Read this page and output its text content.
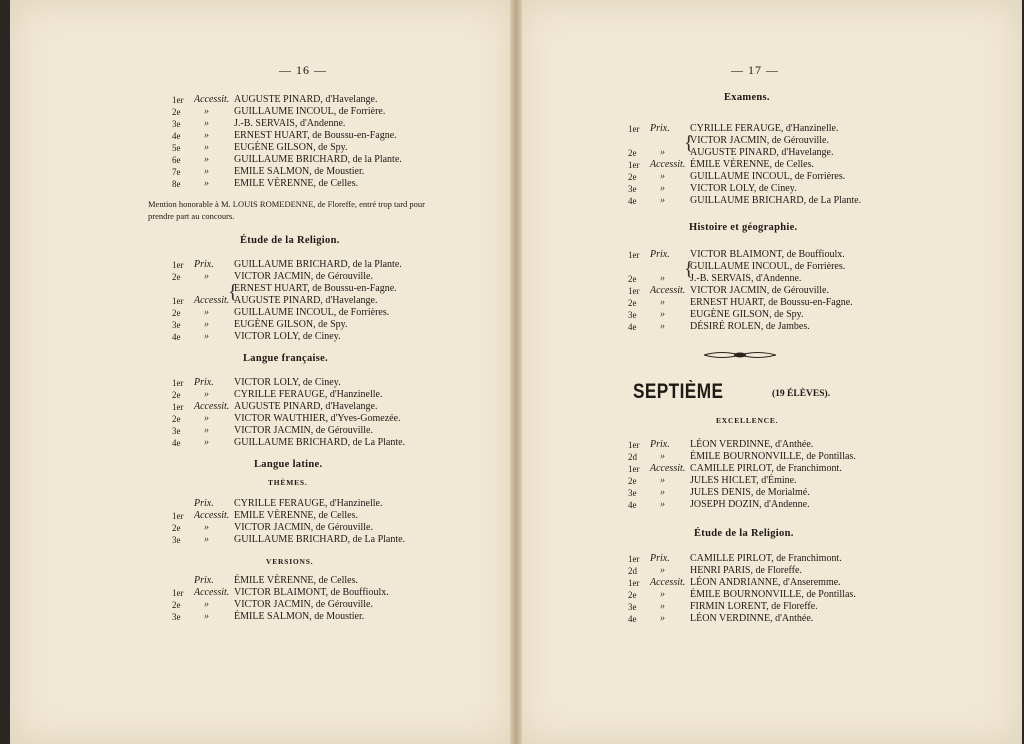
— 16 —
Mention honorable à M. LOUIS ROMEDENNE, de Floreffe, entré trop tard pour
prendre part au concours.
Étude de la Religion.
{
Langue française.
Langue latine.
THÈMES.
VERSIONS.
— 17 —
Examens.
{
Histoire et géographie.
{
SEPTIÈME	(19 ÉLÈVES).
EXCELLENCE.
Étude de la Religion.
1er	Accessit. AUGUSTE PINARD, d'Havelange.
2e	»	GUILLAUME INCOUL, de Forrière.
3e	»	J.-B. SERVAIS, d'Andenne.
4e	»	ERNEST HUART, de Boussu-en-Fagne.
5e	»	EUGÈNE GILSON, de Spy.
6e	»	GUILLAUME BRICHARD, de la Plante.
7e	»	EMILE SALMON, de Moustier.
8e	»	EMILE VÈRENNE, de Celles.
1er	Prix.	GUILLAUME BRICHARD, de la Plante.
2e	»	VICTOR JACMIN, de Gérouville.
ERNEST HUART, de Boussu-en-Fagne.
1er	Accessit. AUGUSTE PINARD, d'Havelange.
2e	»	GUILLAUME INCOUL, de Forrières.
3e	»	EUGÈNE GILSON, de Spy.
4e	»	VICTOR LOLY, de Ciney.
1er	Prix.	VICTOR LOLY, de Ciney.
2e	»	CYRILLE FERAUGE, d'Hanzinelle.
1er	Accessit. AUGUSTE PINARD, d'Havelange.
2e	»	VICTOR WAUTHIER, d'Yves-Gomezée.
3e	»	VICTOR JACMIN, de Gérouville.
4e	»	GUILLAUME BRICHARD, de La Plante.
Prix.	CYRILLE FERAUGE, d'Hanzinelle.
1er	Accessit. EMILE VÈRENNE, de Celles.
2e	»	VICTOR JACMIN, de Gérouville.
3e	»	GUILLAUME BRICHARD, de La Plante.
Prix.	ÉMILE VÈRENNE, de Celles.
1er	Accessit. VICTOR BLAIMONT, de Bouffioulx.
2e	»	VICTOR JACMIN, de Gérouville.
3e	»	ÉMILE SALMON, de Moustier.
1er	Prix.	CYRILLE FERAUGE, d'Hanzinelle.
VICTOR JACMIN, de Gérouville.
2e	»	AUGUSTE PINARD, d'Havelange.
1er	Accessit. ÉMILE VÈRENNE, de Celles.
2e	»	GUILLAUME INCOUL, de Forrières.
3e	»	VICTOR LOLY, de Ciney.
4e	»	GUILLAUME BRICHARD, de La Plante.
1er	Prix.	VICTOR BLAIMONT, de Bouffioulx.
GUILLAUME INCOUL, de Forrières.
2e	»	J.-B. SERVAIS, d'Andenne.
1er	Accessit. VICTOR JACMIN, de Gérouville.
2e	»	ERNEST HUART, de Boussu-en-Fagne.
3e	»	EUGÈNE GILSON, de Spy.
4e	»	DÉSIRÉ ROLEN, de Jambes.
1er	Prix.	LÉON VERDINNE, d'Anthée.
2d	»	ÉMILE BOURNONVILLE, de Pontillas.
1er	Accessit. CAMILLE PIRLOT, de Franchimont.
2e	»	JULES HICLET, d'Émine.
3e	»	JULES DENIS, de Morialmé.
4e	»	JOSEPH DOZIN, d'Andenne.
1er	Prix.	CAMILLE PIRLOT, de Franchimont.
2d	»	HENRI PARIS, de Floreffe.
1er	Accessit. LÉON ANDRIANNE, d'Anseremme.
2e	»	ÉMILE BOURNONVILLE, de Pontillas.
3e	»	FIRMIN LORENT, de Floreffe.
4e	»	LÉON VERDINNE, d'Anthée.
